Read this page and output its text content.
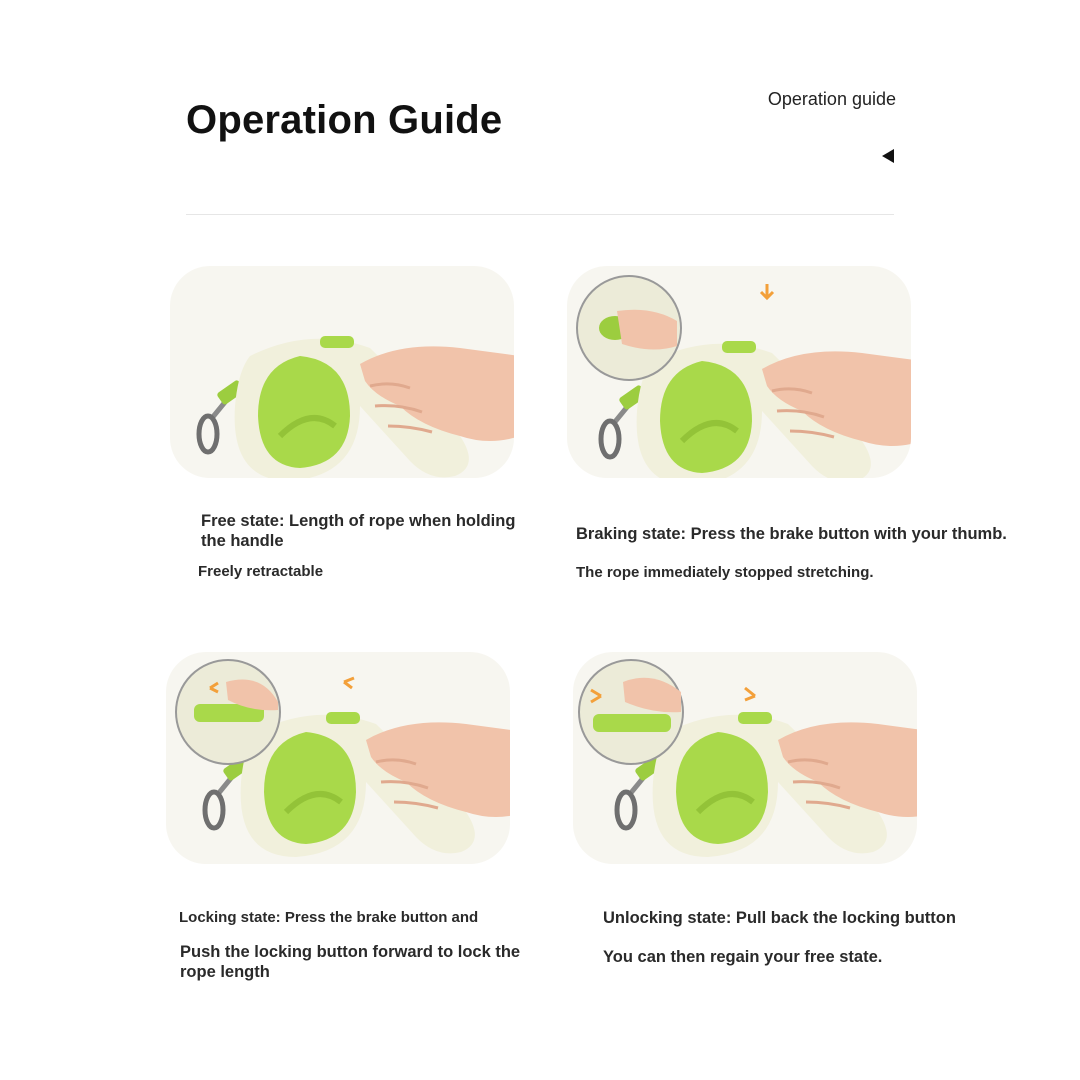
Operation Guide	Operation guide
Free state: Length of rope when holding the handle
Freely retractable
Braking state: Press the brake button with your thumb.
The rope immediately stopped stretching.
Locking state: Press the brake button and
Push the locking button forward to lock the rope length
Unlocking state: Pull back the locking button
You can then regain your free state.
